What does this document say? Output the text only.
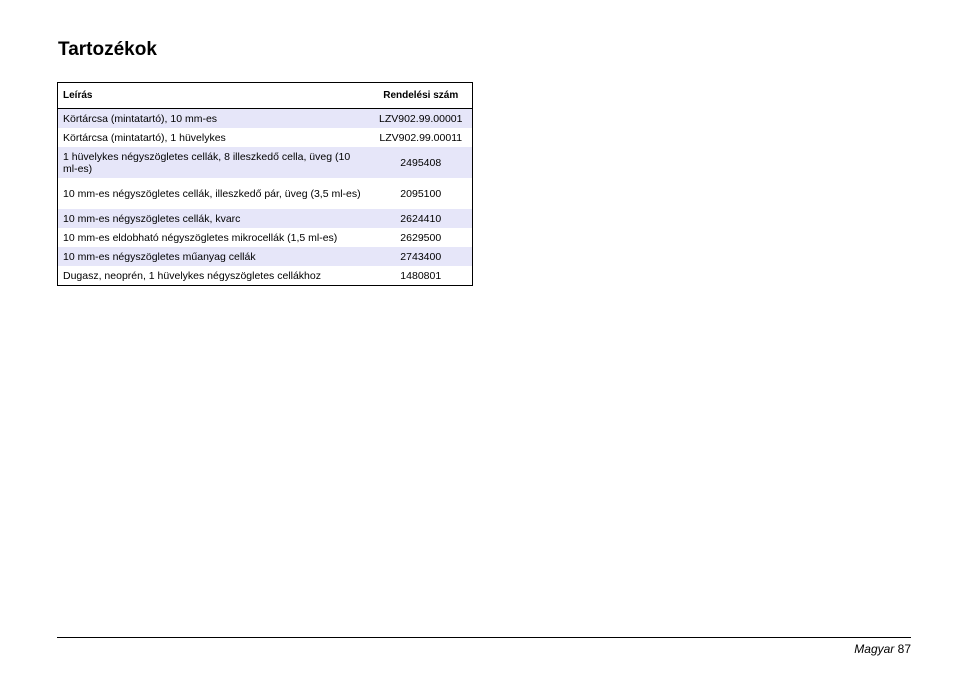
Tartozékok
Leírás	Rendelési szám
Körtárcsa (mintatartó), 10 mm-es	LZV902.99.00001
Körtárcsa (mintatartó), 1 hüvelykes	LZV902.99.00011
1 hüvelykes négyszögletes cellák, 8 illeszkedő cella, üveg (10 ml-es)	2495408
10 mm-es négyszögletes cellák, illeszkedő pár, üveg (3,5 ml-es)	2095100
10 mm-es négyszögletes cellák, kvarc	2624410
10 mm-es eldobható négyszögletes mikrocellák (1,5 ml-es)	2629500
10 mm-es négyszögletes műanyag cellák	2743400
Dugasz, neoprén, 1 hüvelykes négyszögletes cellákhoz	1480801
Magyar 87
